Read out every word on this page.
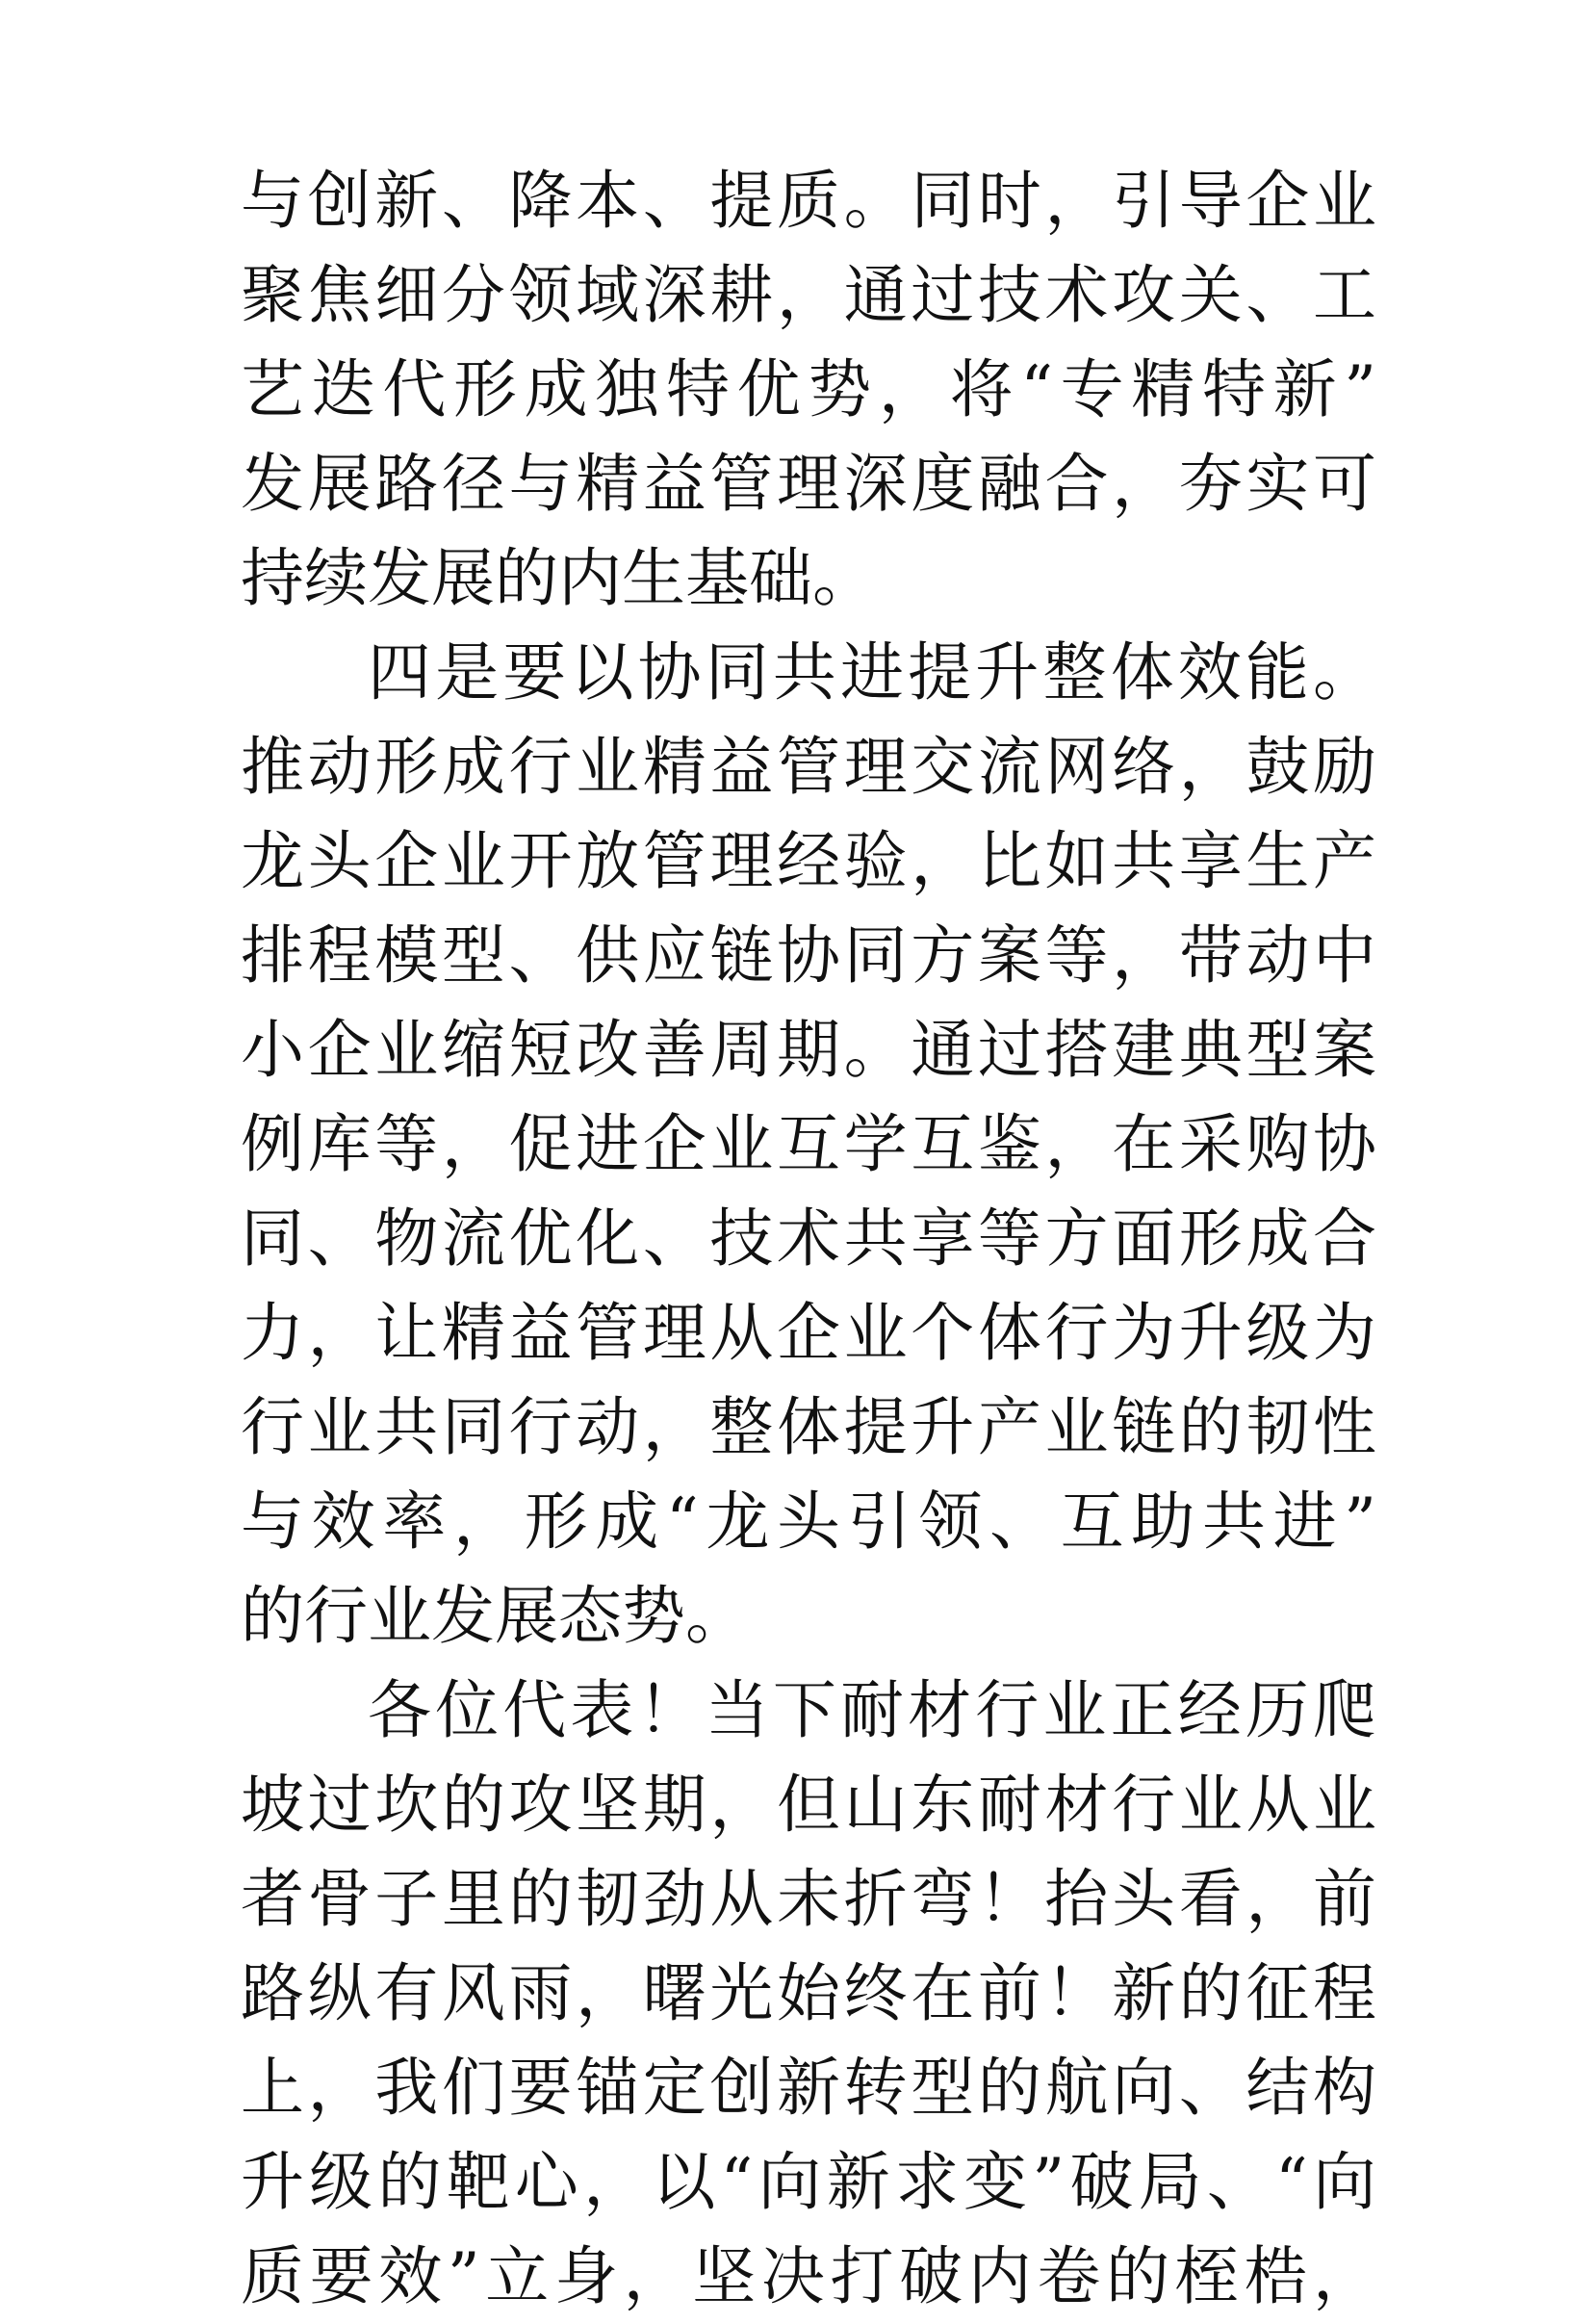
与创新、降本、提质。同时，引导企业
聚焦细分领域深耕，通过技术攻关、工
艺迭代形成独特优势，将“专精特新”
发展路径与精益管理深度融合，夯实可
持续发展的内生基础。
四是要以协同共进提升整体效能。
推动形成行业精益管理交流网络，鼓励
龙头企业开放管理经验，比如共享生产
排程模型、供应链协同方案等，带动中
小企业缩短改善周期。通过搭建典型案
例库等，促进企业互学互鉴，在采购协
同、物流优化、技术共享等方面形成合
力，让精益管理从企业个体行为升级为
行业共同行动，整体提升产业链的韧性
与效率，形成“龙头引领、互助共进”
的行业发展态势。
各位代表！当下耐材行业正经历爬
坡过坎的攻坚期，但山东耐材行业从业
者骨子里的韧劲从未折弯！抬头看，前
路纵有风雨，曙光始终在前！新的征程
上，我们要锚定创新转型的航向、结构
升级的靶心，以“向新求变”破局、“向
质要效”立身，坚决打破内卷的桎梏，
